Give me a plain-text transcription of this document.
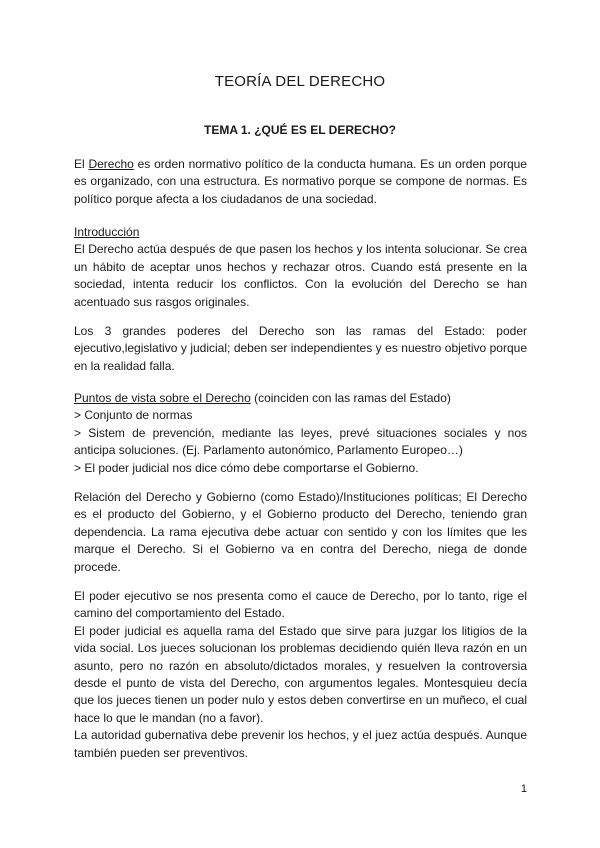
TEORÍA DEL DERECHO
TEMA 1. ¿QUÉ ES EL DERECHO?

El Derecho es orden normativo político de la conducta humana. Es un orden porque es organizado, con una estructura. Es normativo porque se compone de normas. Es político porque afecta a los ciudadanos de una sociedad.

Introducción

El Derecho actúa después de que pasen los hechos y los intenta solucionar. Se crea un hábito de aceptar unos hechos y rechazar otros. Cuando está presente en la sociedad, intenta reducir los conflictos. Con la evolución del Derecho se han acentuado sus rasgos originales.

Los 3 grandes poderes del Derecho son las ramas del Estado: poder ejecutivo,legislativo y judicial; deben ser independientes y es nuestro objetivo porque en la realidad falla.

Puntos de vista sobre el Derecho (coinciden con las ramas del Estado)

> Conjunto de normas

> Sistem de prevención, mediante las leyes, prevé situaciones sociales y nos anticipa soluciones. (Ej. Parlamento autonómico, Parlamento Europeo…)

> El poder judicial nos dice cómo debe comportarse el Gobierno.

Relación del Derecho y Gobierno (como Estado)/Instituciones políticas; El Derecho es el producto del Gobierno, y el Gobierno producto del Derecho, teniendo gran dependencia. La rama ejecutiva debe actuar con sentido y con los límites que les marque el Derecho. Si el Gobierno va en contra del Derecho, niega de donde procede.

El poder ejecutivo se nos presenta como el cauce de Derecho, por lo tanto, rige el camino del comportamiento del Estado.

El poder judicial es aquella rama del Estado que sirve para juzgar los litigios de la vida social. Los jueces solucionan los problemas decidiendo quién lleva razón en un asunto, pero no razón en absoluto/dictados morales, y resuelven la controversia desde el punto de vista del Derecho, con argumentos legales. Montesquieu decía que los jueces tienen un poder nulo y estos deben convertirse en un muñeco, el cual hace lo que le mandan (no a favor).

La autoridad gubernativa debe prevenir los hechos, y el juez actúa después. Aunque también pueden ser preventivos.

1
